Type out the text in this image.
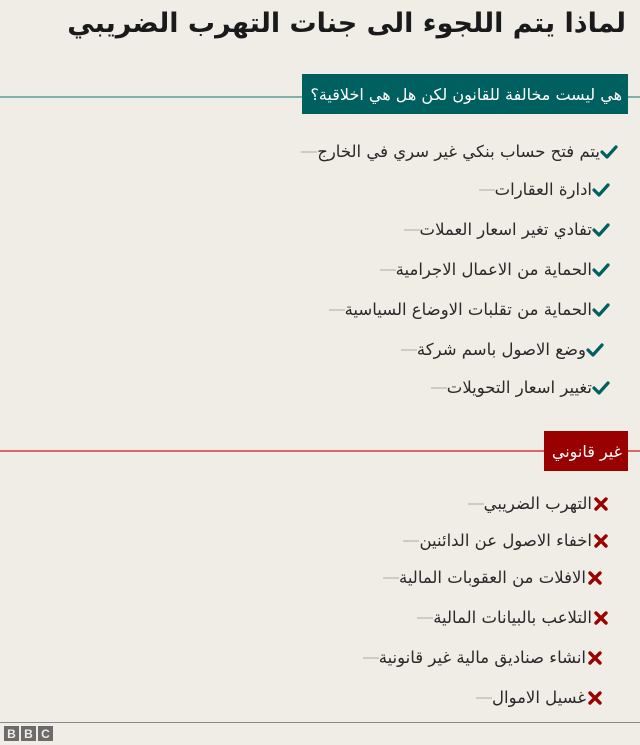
لماذا يتم اللجوء الى جنات التهرب الضريبي
هي ليست مخالفة للقانون لكن هل هي اخلاقية؟
يتم فتح حساب بنكي غير سري في الخارج
ادارة العقارات
تفادي تغير اسعار العملات
الحماية من الاعمال الاجرامية
الحماية من تقلبات الاوضاع السياسية
وضع الاصول باسم شركة
تغيير اسعار التحويلات
غير قانوني
التهرب الضريبي
اخفاء الاصول عن الدائنين
الافلات من العقوبات المالية
التلاعب بالبيانات المالية
انشاء صناديق مالية غير قانونية
غسيل الاموال
B B C
